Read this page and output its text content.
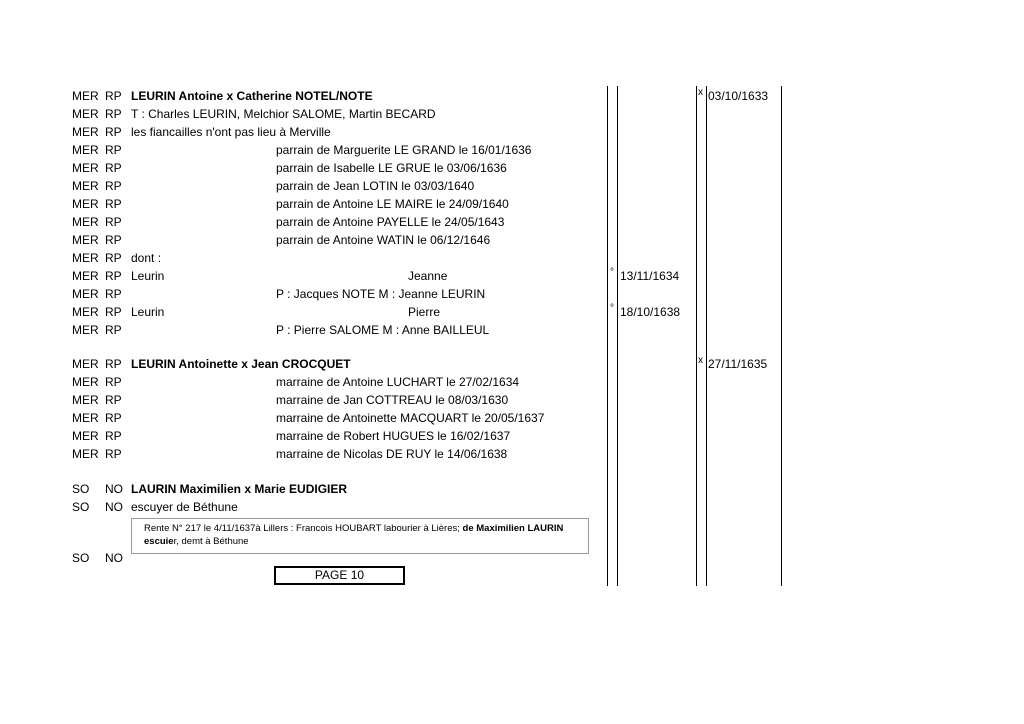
MER RP LEURIN Antoine x Catherine NOTEL/NOTE	x 03/10/1633
MER RP T : Charles LEURIN, Melchior SALOME, Martin BECARD
MER RP les fiancailles n'ont pas lieu à Merville
MER RP	parrain de Marguerite LE GRAND le 16/01/1636
MER RP	parrain de Isabelle LE GRUE le 03/06/1636
MER RP	parrain de Jean LOTIN le 03/03/1640
MER RP	parrain de Antoine LE MAIRE le 24/09/1640
MER RP	parrain de Antoine PAYELLE le 24/05/1643
MER RP	parrain de Antoine WATIN le 06/12/1646
MER RP dont :
MER RP Leurin	Jeanne	° 13/11/1634
MER RP	P : Jacques NOTE M : Jeanne LEURIN
MER RP Leurin	Pierre	° 18/10/1638
MER RP	P : Pierre SALOME M : Anne BAILLEUL
MER RP LEURIN Antoinette x Jean CROCQUET	x 27/11/1635
MER RP	marraine de Antoine LUCHART le 27/02/1634
MER RP	marraine de Jan COTTREAU le 08/03/1630
MER RP	marraine de Antoinette MACQUART le 20/05/1637
MER RP	marraine de Robert HUGUES le 16/02/1637
MER RP	marraine de Nicolas DE RUY le 14/06/1638
SO NO LAURIN Maximilien x Marie EUDIGIER
SO NO escuyer de Béthune
Rente N° 217 le 4/11/1637à Lillers : Francois HOUBART labourier à Lières; de Maximilien LAURIN escuier, demt à Béthune
SO NO
PAGE 10
